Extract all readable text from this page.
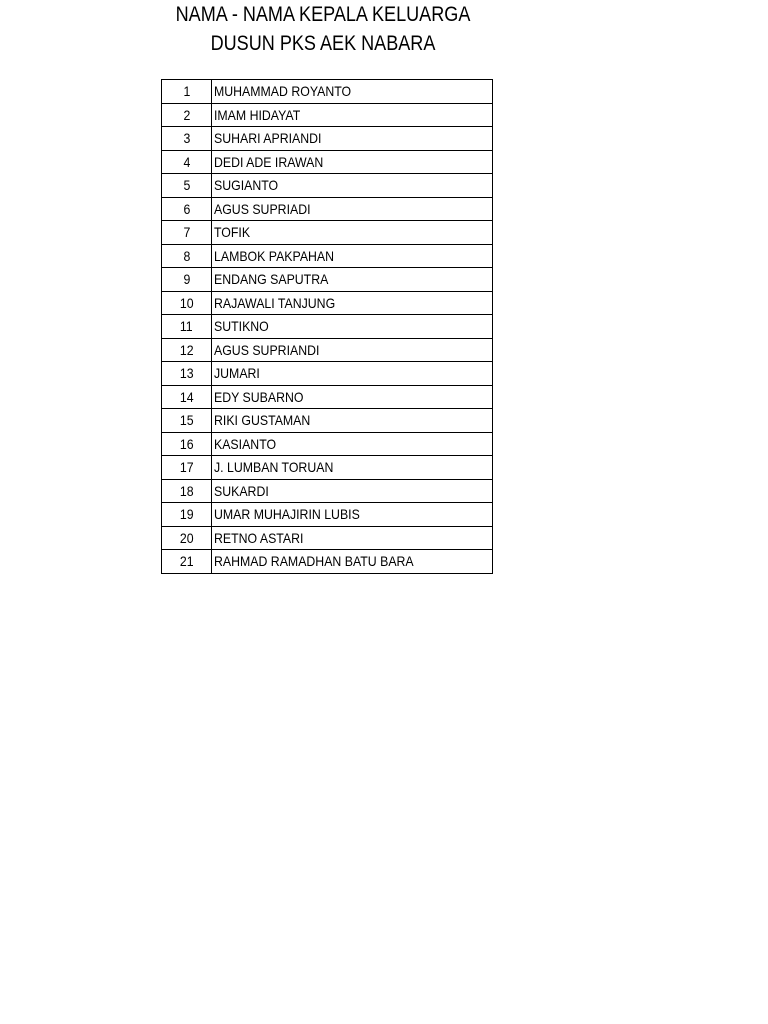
NAMA - NAMA KEPALA KELUARGA
DUSUN PKS AEK NABARA
1	MUHAMMAD ROYANTO
2	IMAM HIDAYAT
3	SUHARI APRIANDI
4	DEDI ADE IRAWAN
5	SUGIANTO
6	AGUS SUPRIADI
7	TOFIK
8	LAMBOK PAKPAHAN
9	ENDANG SAPUTRA
10	RAJAWALI TANJUNG
11	SUTIKNO
12	AGUS SUPRIANDI
13	JUMARI
14	EDY SUBARNO
15	RIKI GUSTAMAN
16	KASIANTO
17	J. LUMBAN TORUAN
18	SUKARDI
19	UMAR MUHAJIRIN LUBIS
20	RETNO ASTARI
21	RAHMAD RAMADHAN BATU BARA
